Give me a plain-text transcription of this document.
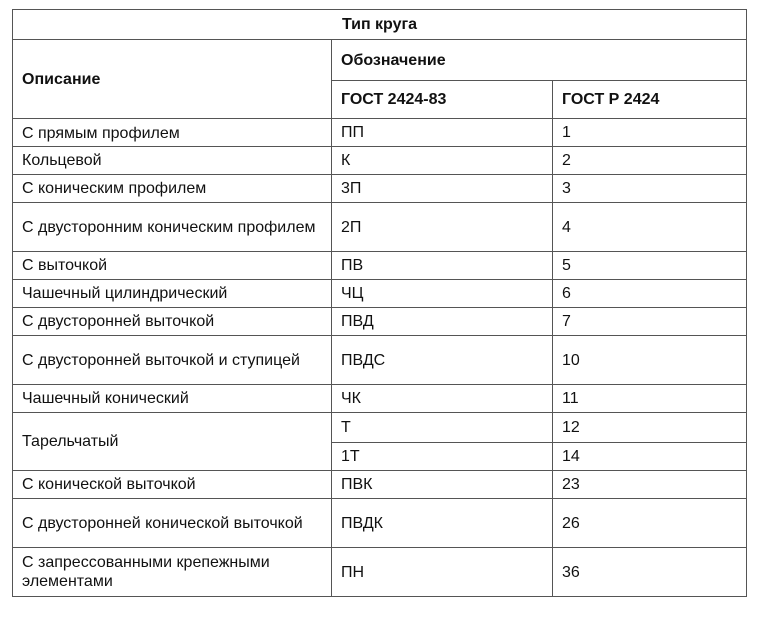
Тип круга		
Описание	Обозначение	
	ГОСТ 2424-83	ГОСТ Р 2424
С прямым профилем	ПП	1
Кольцевой	К	2
С коническим профилем	3П	3
С двусторонним коническим профилем	2П	4
С выточкой	ПВ	5
Чашечный цилиндрический	ЧЦ	6
С двусторонней выточкой	ПВД	7
С двусторонней выточкой и ступицей	ПВДС	10
Чашечный конический	ЧК	11
Тарельчатый	Т	12
	1Т	14
С конической выточкой	ПВК	23
С двусторонней конической выточкой	ПВДК	26
С запрессованными крепежными элементами	ПН	36
